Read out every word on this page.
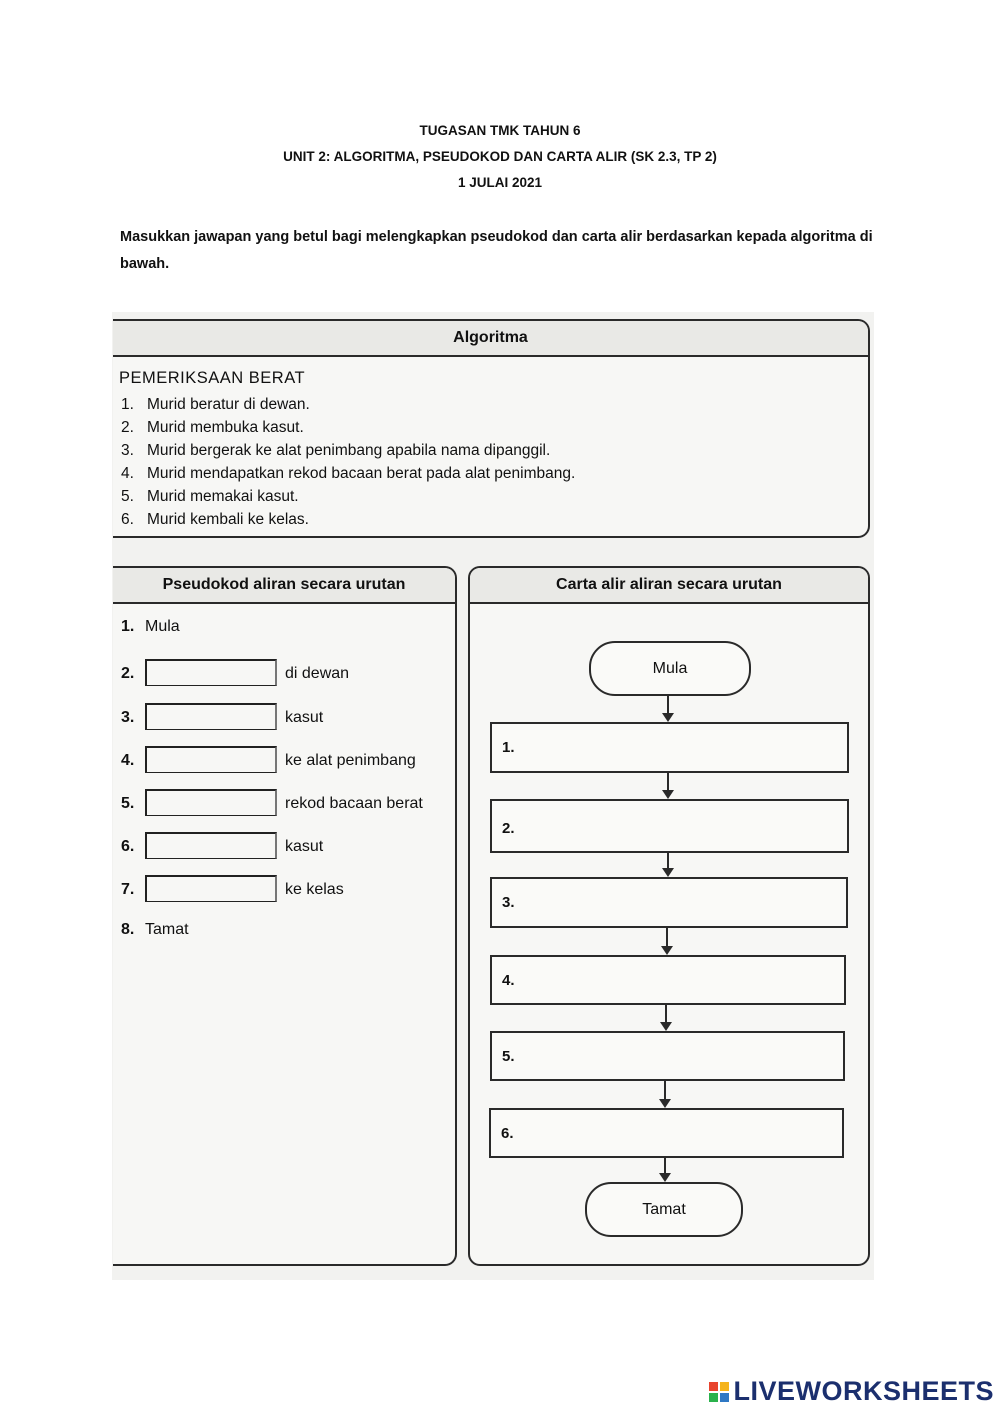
TUGASAN TMK TAHUN 6
UNIT 2: ALGORITMA, PSEUDOKOD DAN CARTA ALIR (SK 2.3, TP 2)
1 JULAI 2021
Masukkan jawapan yang betul bagi melengkapkan pseudokod dan carta alir berdasarkan kepada algoritma di bawah.
Algoritma
PEMERIKSAAN BERAT
1. Murid beratur di dewan.
2. Murid membuka kasut.
3. Murid bergerak ke alat penimbang apabila nama dipanggil.
4. Murid mendapatkan rekod bacaan berat pada alat penimbang.
5. Murid memakai kasut.
6. Murid kembali ke kelas.
Pseudokod aliran secara urutan
1. Mula
2.	di dewan
3.	kasut
4.	ke alat penimbang
5.	rekod bacaan berat
6.	kasut
7.	ke kelas
8. Tamat
Carta alir aliran secara urutan
Mula
1.
2.
3.
4.
5.
6.
Tamat
LIVEWORKSHEETS
